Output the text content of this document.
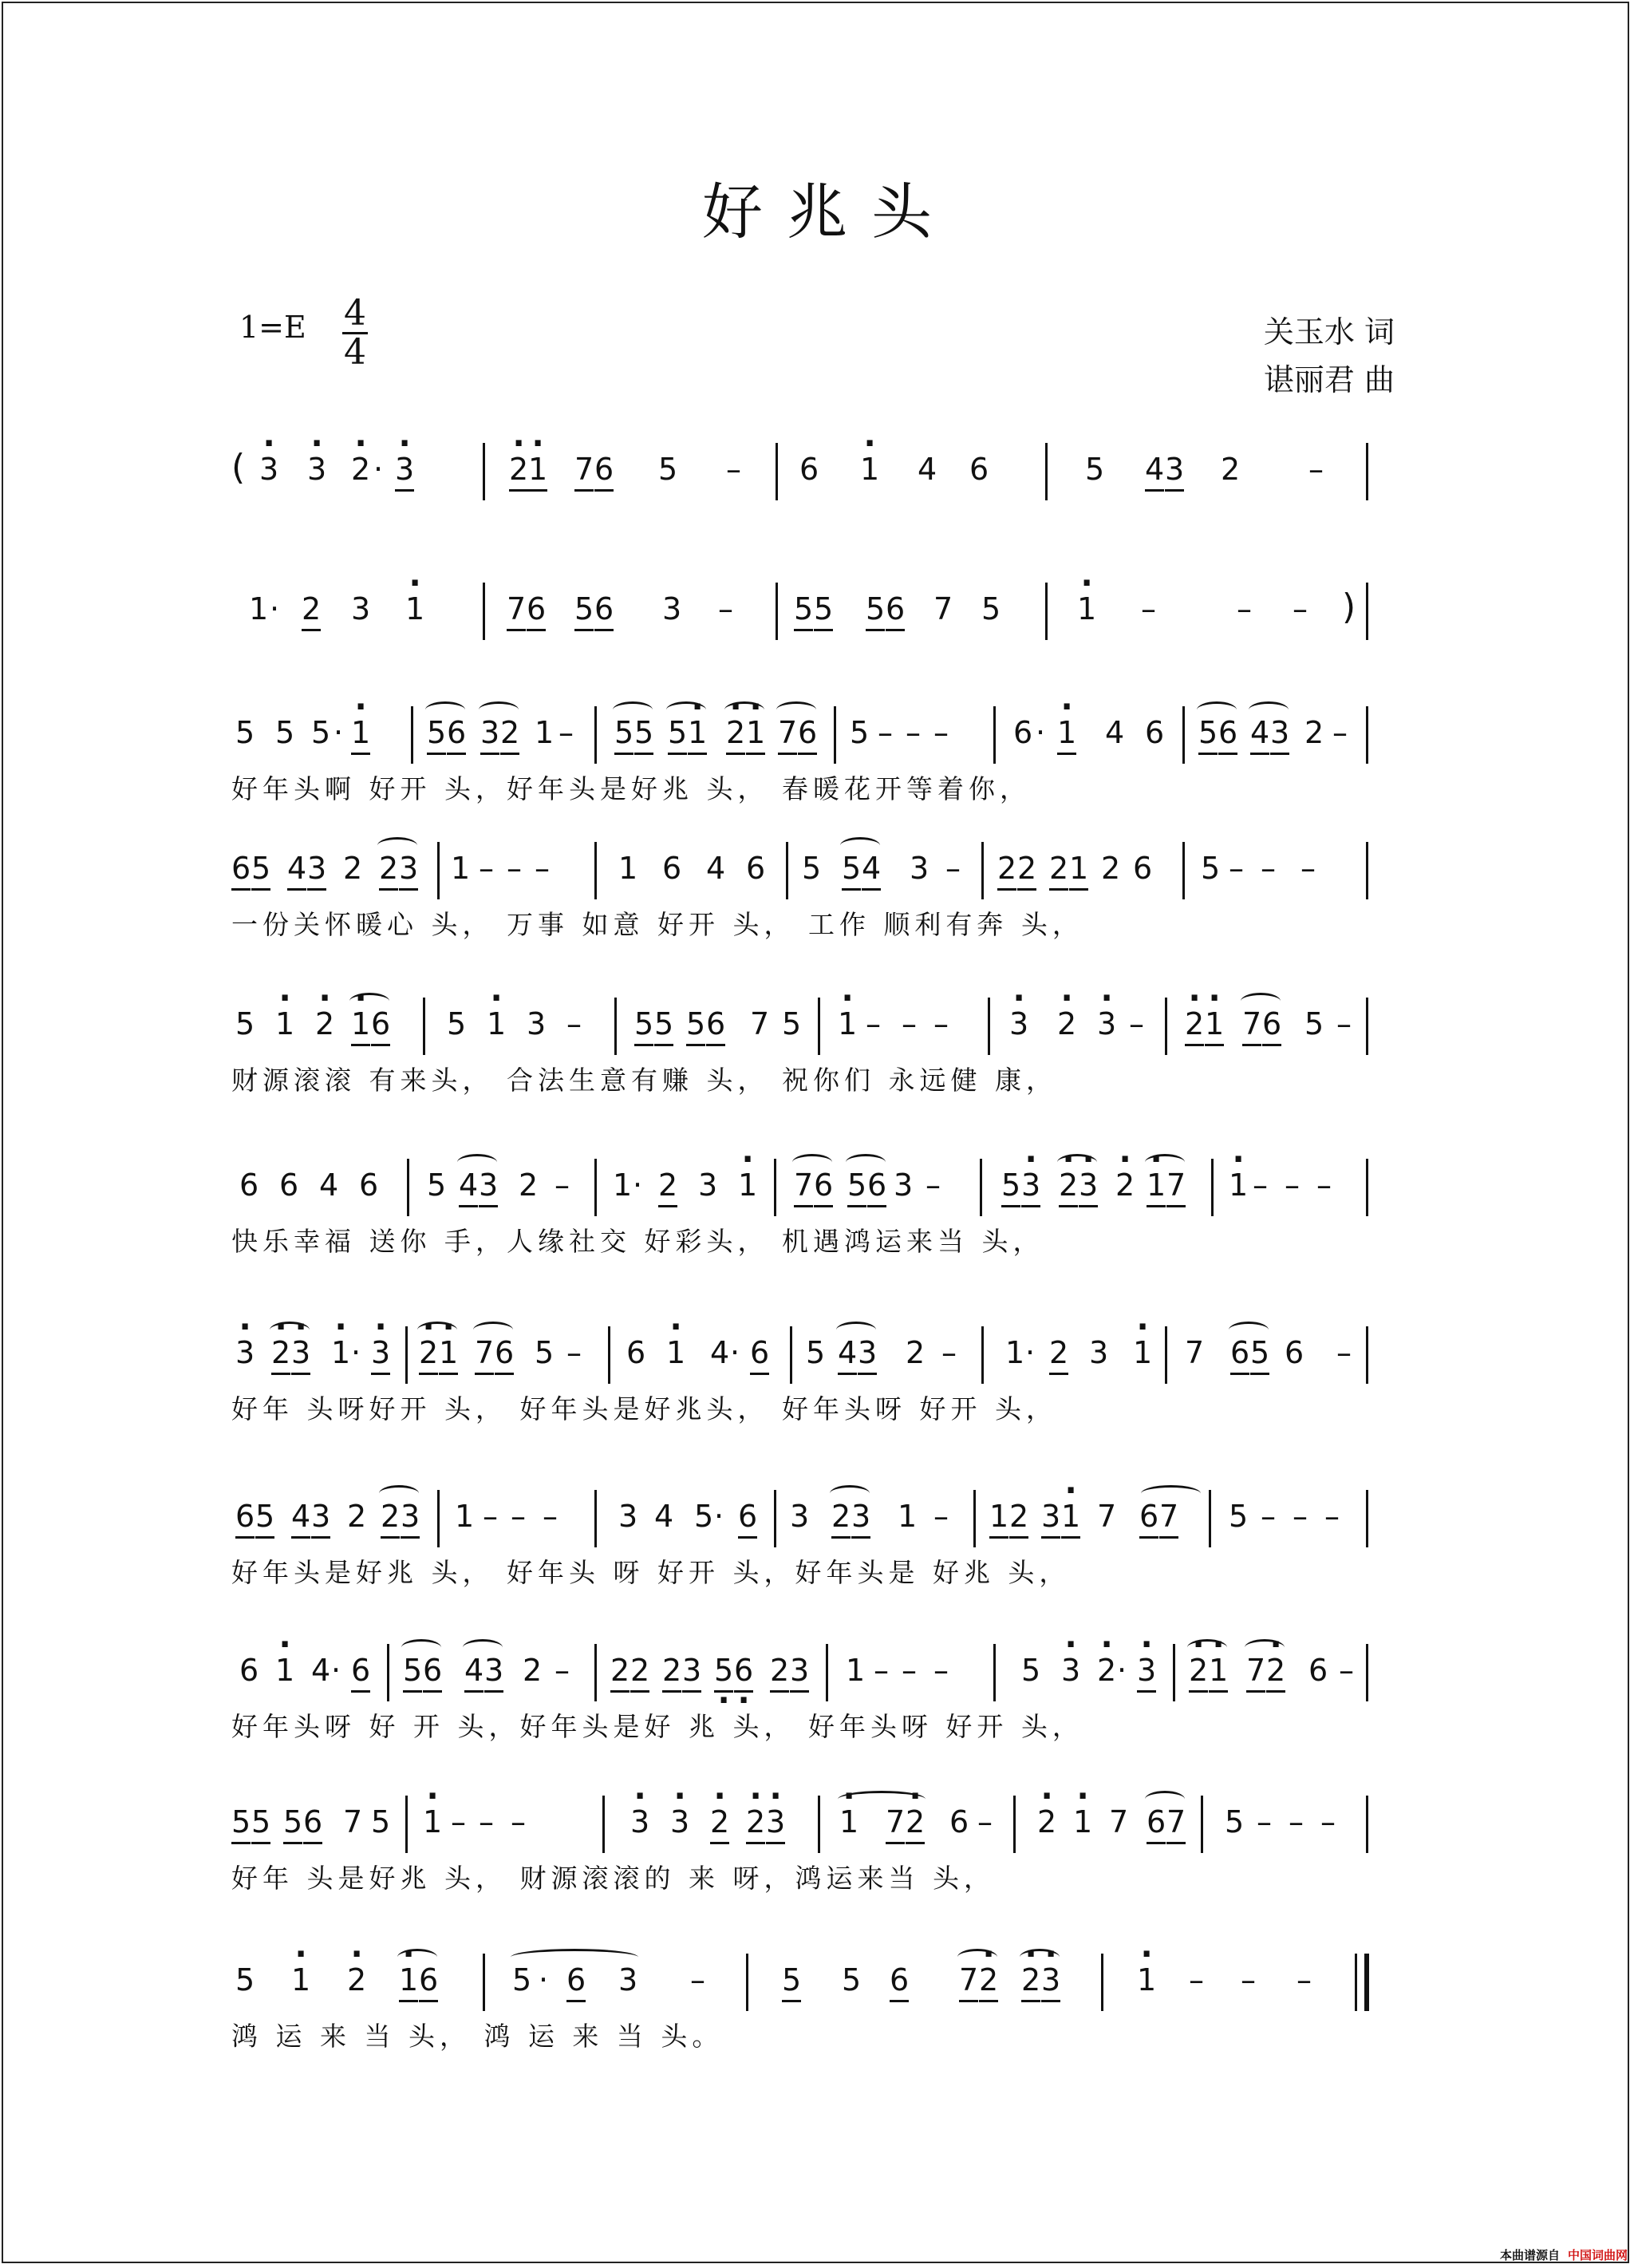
好兆头
1=E 4
4	关玉水 词
谌丽君 曲
( · 3 · 3 · 2 · · 3	· 2 · 1 7 6 5 – 6 · 1 4 6	5 4 3 2 –
1 · 2 3 · 1	7 6 5 6 3 – 5 5 5 6 7 5	· 1 –	– – )
5 5 5 · · 1 5 6 3 2 1 – 5 5 5 · 1 · 2 · 1 7 6 5 – – – 6 · · 1 4 6 5 6 4 3 2 –
好年头啊 好开 头，好年头是好兆 头， 春暖花开等着你，
6 5 4 3 2 2 3 1 – – – 1 6 4 6 5 5 4 3 – 2 2 2 1 2 6 5 – – –
一份关怀暖心 头， 万事 如意 好开 头， 工作 顺利有奔 头，
5 · 1 · 2 · 1 6 5 · 1 3 – 5 5 5 6 7 5 · 1 – – – · 3 · 2 · 3 – · 2 · 1 7 6 5 –
财源滚滚 有来头， 合法生意有赚 头， 祝你们 永远健 康，
6 6 4 6 5 4 3 2 – 1 · 2 3 · 1 7 6 5 6 3 – 5 · 3 · 2 · 3 · 2 · 1 7 · 1 – – –
快乐幸福 送你 手，人缘社交 好彩头， 机遇鸿运来当 头，
· 3 · 2 · 3 · 1 · · 3 · 2 · 1 7 6 5 – 6 · 1 4 · 6 5 4 3 2 – 1 · 2 3 · 1 7 6 5 6 –
好年 头呀好开 头， 好年头是好兆头， 好年头呀 好开 头，
6 5 4 3 2 2 3 1 – – – 3 4 5 · 6 3 2 3 1 – 1 2 3 · 1 7 6 7 5 – – –
好年头是好兆 头， 好年头 呀 好开 头，好年头是 好兆 头，
6 · 1 4 · 6 5 6 4 3 2 – 2 2 2 3 5 · 6 · 2 3 1 – – – 5 · 3 · 2 · · 3 · 2 · 1 7 · 2 6 –
好年头呀 好 开 头，好年头是好 兆 头， 好年头呀 好开 头，
5 5 5 6 7 5 · 1 – – –	· 3 · 3 · 2 · 2 · 3 · 1 7 · 2 6 – · 2 · 1 7 6 7 5 – – –
好年 头是好兆 头， 财源滚滚的 来 呀，鸿运来当 头，
5 · 1 · 2 · 1 6 5 · 6 3 –	5 5 6 7 · 2 · 2 · 3	· 1 – – –
鸿 运 来 当 头， 鸿 运 来 当 头。
本曲谱源自 中国词曲网
